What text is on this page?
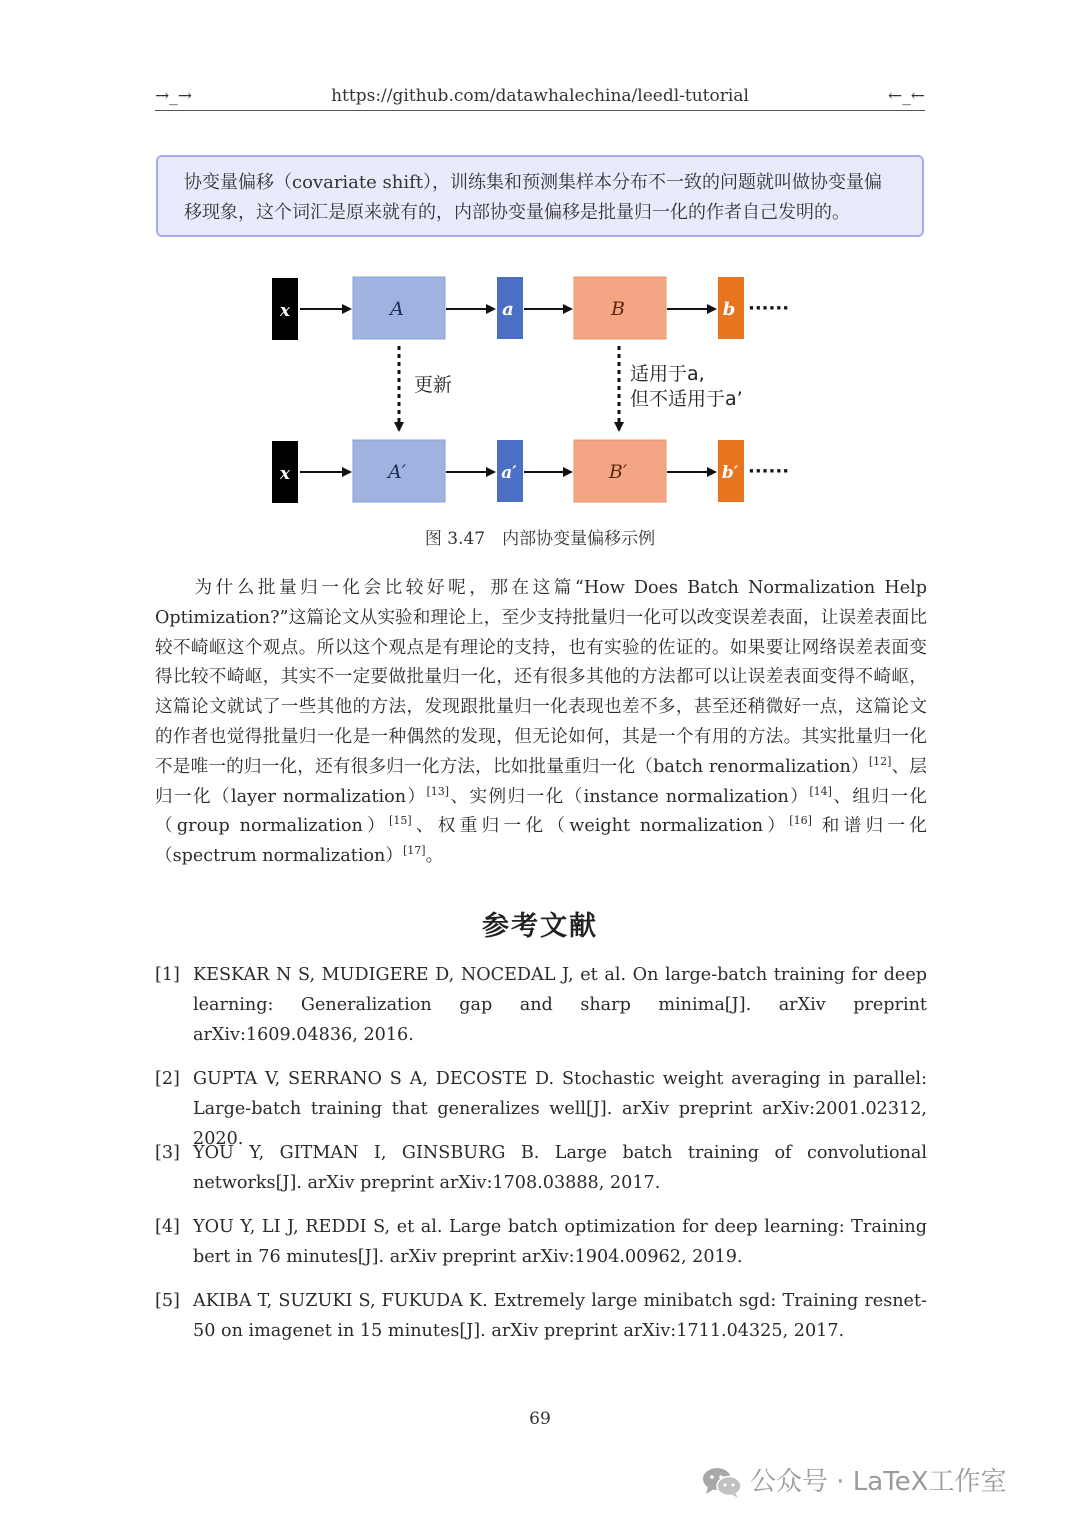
→_→	https://github.com/datawhalechina/leedl-tutorial	←_←
协变量偏移（covariate shift），训练集和预测集样本分布不一致的问题就叫做协变量偏移现象，这个词汇是原来就有的，内部协变量偏移是批量归一化的作者自己发明的。
x	A	a	B	b ······
更新	适用于a,
但不适用于a’
x	A′	a′	B′	b′ ······
图 3.47　内部协变量偏移示例
为什么批量归一化会比较好呢，那在这篇“How Does Batch Normalization Help Optimization?”这篇论文从实验和理论上，至少支持批量归一化可以改变误差表面，让误差表面比较不崎岖这个观点。所以这个观点是有理论的支持，也有实验的佐证的。如果要让网络误差表面变得比较不崎岖，其实不一定要做批量归一化，还有很多其他的方法都可以让误差表面变得不崎岖，这篇论文就试了一些其他的方法，发现跟批量归一化表现也差不多，甚至还稍微好一点，这篇论文的作者也觉得批量归一化是一种偶然的发现，但无论如何，其是一个有用的方法。其实批量归一化不是唯一的归一化，还有很多归一化方法，比如批量重归一化（batch renormalization）[12]、层归一化（layer normalization）[13]、实例归一化（instance normalization）[14]、组归一化（group normalization）[15]、权重归一化（weight normalization）[16] 和谱归一化（spectrum normalization）[17]。
参考文献
[1] KESKAR N S, MUDIGERE D, NOCEDAL J, et al. On large-batch training for deep learning: Generalization gap and sharp minima[J]. arXiv preprint arXiv:1609.04836, 2016.
[2] GUPTA V, SERRANO S A, DECOSTE D. Stochastic weight averaging in parallel: Large-batch training that generalizes well[J]. arXiv preprint arXiv:2001.02312, 2020.
[3] YOU Y, GITMAN I, GINSBURG B. Large batch training of convolutional networks[J]. arXiv preprint arXiv:1708.03888, 2017.
[4] YOU Y, LI J, REDDI S, et al. Large batch optimization for deep learning: Training bert in 76 minutes[J]. arXiv preprint arXiv:1904.00962, 2019.
[5] AKIBA T, SUZUKI S, FUKUDA K. Extremely large minibatch sgd: Training resnet-50 on imagenet in 15 minutes[J]. arXiv preprint arXiv:1711.04325, 2017.
69
公众号 · LaTeX工作室
